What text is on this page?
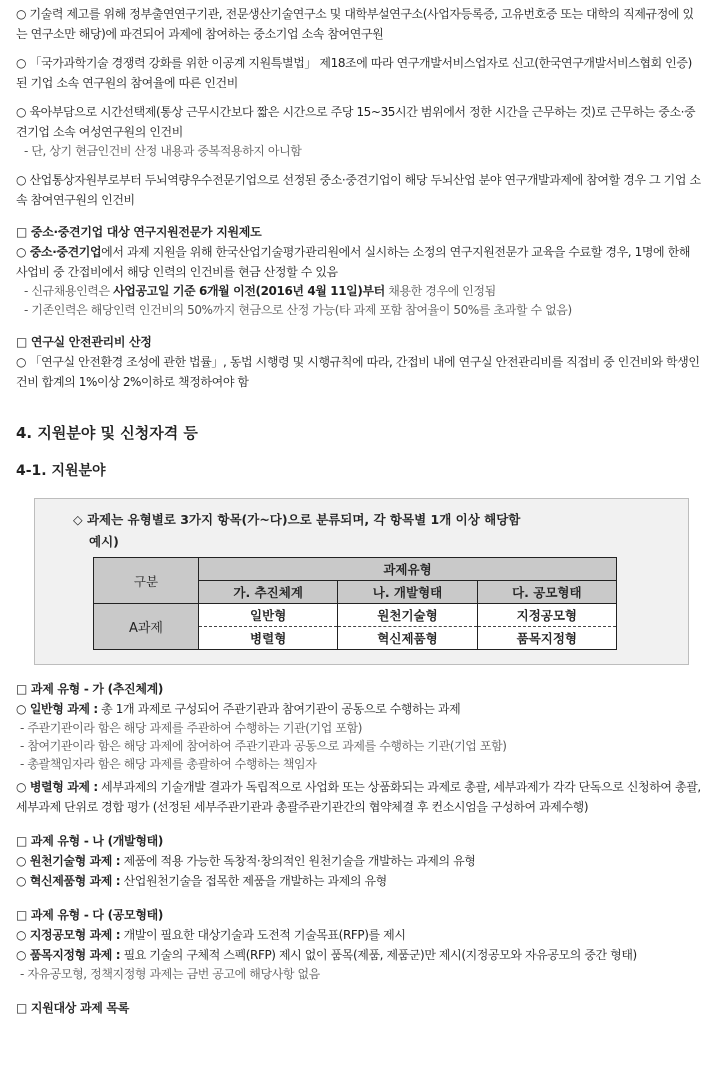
○ 기술력 제고를 위해 정부출연연구기관, 전문생산기술연구소 및 대학부설연구소(사업자등록증, 고유번호증 또는 대학의 직제규정에 있는 연구소만 해당)에 파견되어 과제에 참여하는 중소기업 소속 참여연구원

○ 「국가과학기술 경쟁력 강화를 위한 이공계 지원특별법」 제18조에 따라 연구개발서비스업자로 신고(한국연구개발서비스협회 인증)된 기업 소속 연구원의 참여율에 따른 인건비

○ 육아부담으로 시간선택제(통상 근무시간보다 짧은 시간으로 주당 15~35시간 범위에서 정한 시간을 근무하는 것)로 근무하는 중소·중견기업 소속 여성연구원의 인건비

- 단, 상기 현금인건비 산정 내용과 중복적용하지 아니함

○ 산업통상자원부로부터 두뇌역량우수전문기업으로 선정된 중소·중견기업이 해당 두뇌산업 분야 연구개발과제에 참여할 경우 그 기업 소속 참여연구원의 인건비

□ 중소·중견기업 대상 연구지원전문가 지원제도

○ 중소·중견기업에서 과제 지원을 위해 한국산업기술평가관리원에서 실시하는 소정의 연구지원전문가 교육을 수료할 경우, 1명에 한해 사업비 중 간접비에서 해당 인력의 인건비를 현금 산정할 수 있음

- 신규채용인력은 사업공고일 기준 6개월 이전(2016년 4월 11일)부터 채용한 경우에 인정됨

- 기존인력은 해당인력 인건비의 50%까지 현금으로 산정 가능(타 과제 포함 참여율이 50%를 초과할 수 없음)

□ 연구실 안전관리비 산정

○ 「연구실 안전환경 조성에 관한 법률」, 동법 시행령 및 시행규칙에 따라, 간접비 내에 연구실 안전관리비를 직접비 중 인건비와 학생인건비 합계의 1%이상 2%이하로 책정하여야 함

4. 지원분야 및 신청자격 등

4-1. 지원분야

◇ 과제는 유형별로 3가지 항목(가~다)으로 분류되며, 각 항목별 1개 이상 해당함

예시)

구분	과제유형		
	가. 추진체계	나. 개발형태	다. 공모형태
A과제	일반형	원천기술형	지정공모형
	병렬형	혁신제품형	품목지정형

□ 과제 유형 - 가 (추진체계)

○ 일반형 과제 : 총 1개 과제로 구성되어 주관기관과 참여기관이 공동으로 수행하는 과제

- 주관기관이라 함은 해당 과제를 주관하여 수행하는 기관(기업 포함)

- 참여기관이라 함은 해당 과제에 참여하여 주관기관과 공동으로 과제를 수행하는 기관(기업 포함)

- 총괄책임자라 함은 해당 과제를 총괄하여 수행하는 책임자

○ 병렬형 과제 : 세부과제의 기술개발 결과가 독립적으로 사업화 또는 상품화되는 과제로 총괄, 세부과제가 각각 단독으로 신청하여 총괄, 세부과제 단위로 경합 평가 (선정된 세부주관기관과 총괄주관기관간의 협약체결 후 컨소시엄을 구성하여 과제수행)

□ 과제 유형 - 나 (개발형태)

○ 원천기술형 과제 : 제품에 적용 가능한 독창적·창의적인 원천기술을 개발하는 과제의 유형

○ 혁신제품형 과제 : 산업원천기술을 접목한 제품을 개발하는 과제의 유형

□ 과제 유형 - 다 (공모형태)

○ 지정공모형 과제 : 개발이 필요한 대상기술과 도전적 기술목표(RFP)를 제시

○ 품목지정형 과제 : 필요 기술의 구체적 스펙(RFP) 제시 없이 품목(제품, 제품군)만 제시(지정공모와 자유공모의 중간 형태)

- 자유공모형, 정책지정형 과제는 금번 공고에 해당사항 없음

□ 지원대상 과제 목록
